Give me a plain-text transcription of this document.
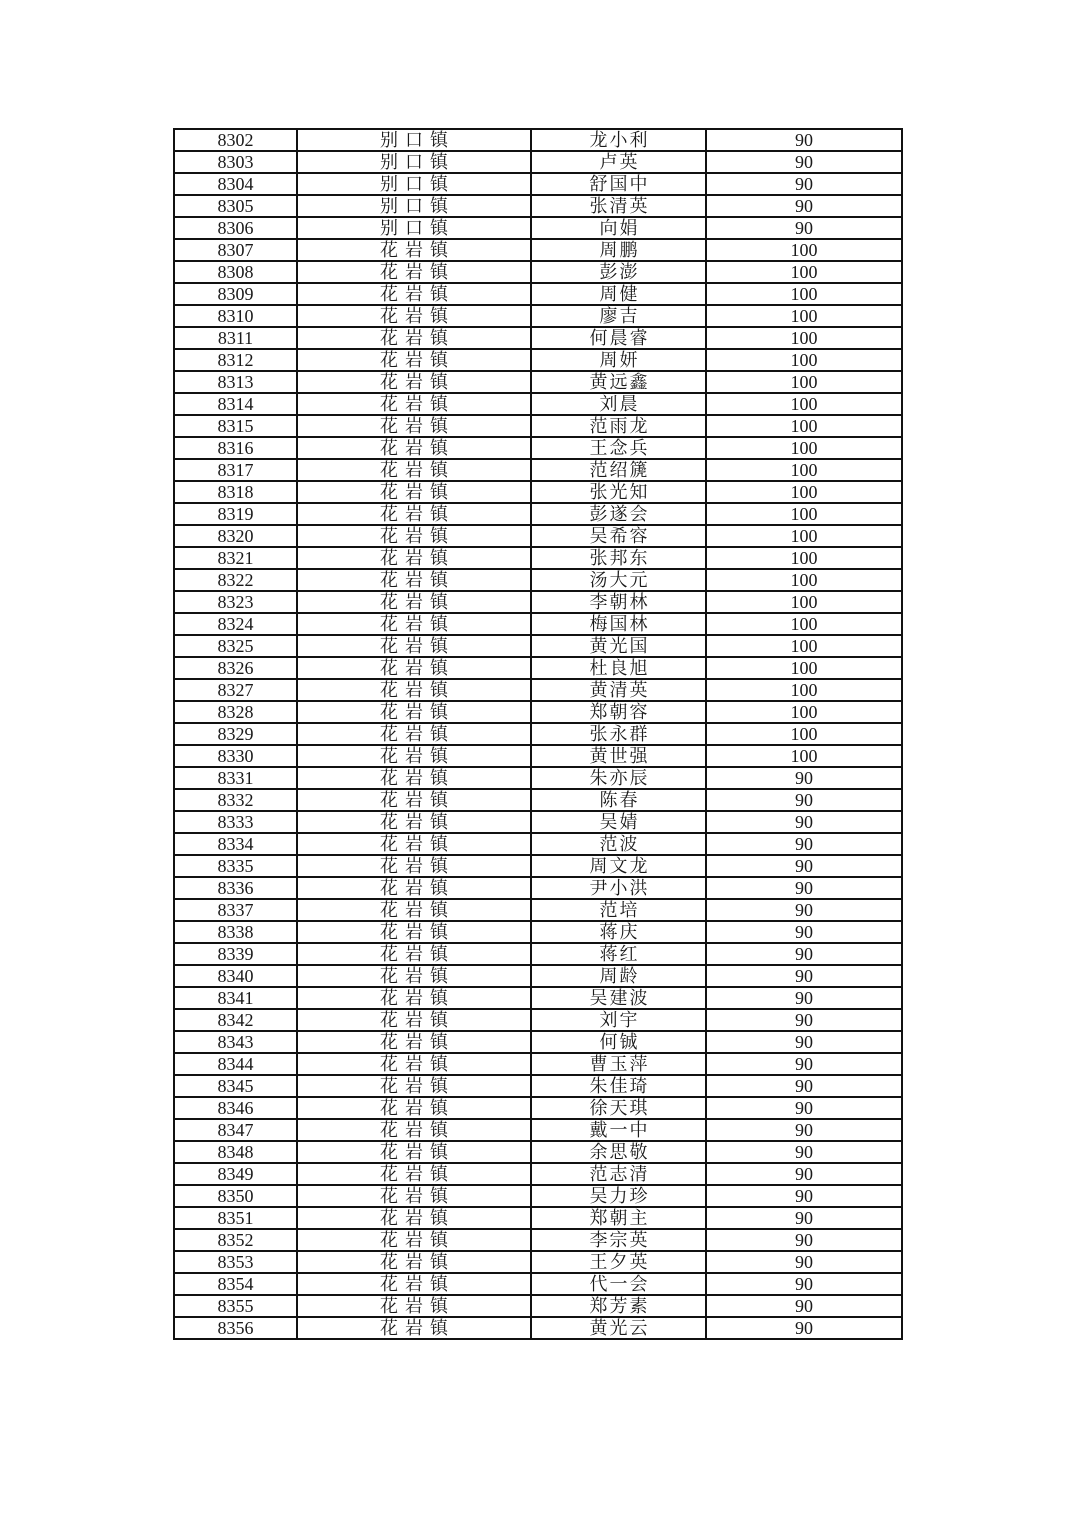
8302	别口镇	龙小利	90
8303	别口镇	卢英	90
8304	别口镇	舒国中	90
8305	别口镇	张清英	90
8306	别口镇	向娟	90
8307	花岩镇	周鹏	100
8308	花岩镇	彭澎	100
8309	花岩镇	周健	100
8310	花岩镇	廖吉	100
8311	花岩镇	何晨睿	100
8312	花岩镇	周妍	100
8313	花岩镇	黄远鑫	100
8314	花岩镇	刘晨	100
8315	花岩镇	范雨龙	100
8316	花岩镇	王念兵	100
8317	花岩镇	范绍篪	100
8318	花岩镇	张光知	100
8319	花岩镇	彭遂会	100
8320	花岩镇	吴希容	100
8321	花岩镇	张邦东	100
8322	花岩镇	汤大元	100
8323	花岩镇	李朝林	100
8324	花岩镇	梅国林	100
8325	花岩镇	黄光国	100
8326	花岩镇	杜良旭	100
8327	花岩镇	黄清英	100
8328	花岩镇	郑朝容	100
8329	花岩镇	张永群	100
8330	花岩镇	黄世强	100
8331	花岩镇	朱亦辰	90
8332	花岩镇	陈春	90
8333	花岩镇	吴婧	90
8334	花岩镇	范波	90
8335	花岩镇	周文龙	90
8336	花岩镇	尹小洪	90
8337	花岩镇	范培	90
8338	花岩镇	蒋庆	90
8339	花岩镇	蒋红	90
8340	花岩镇	周龄	90
8341	花岩镇	吴建波	90
8342	花岩镇	刘宇	90
8343	花岩镇	何铖	90
8344	花岩镇	曹玉萍	90
8345	花岩镇	朱佳琦	90
8346	花岩镇	徐天琪	90
8347	花岩镇	戴一中	90
8348	花岩镇	余思敬	90
8349	花岩镇	范志清	90
8350	花岩镇	吴力珍	90
8351	花岩镇	郑朝主	90
8352	花岩镇	李宗英	90
8353	花岩镇	王夕英	90
8354	花岩镇	代一会	90
8355	花岩镇	郑芳素	90
8356	花岩镇	黄光云	90
